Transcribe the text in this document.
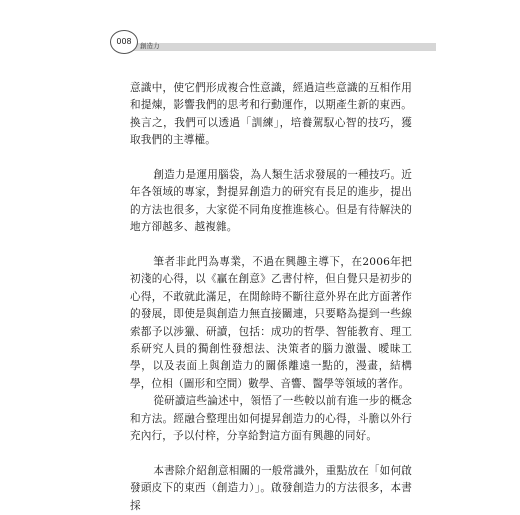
008	創造力

意識中，使它們形成複合性意識，經過這些意識的互相作用和提煉，影響我們的思考和行動運作，以期產生新的東西。換言之，我們可以透過「訓練」，培養駕馭心智的技巧，獲取我們的主導權。

創造力是運用腦袋，為人類生活求發展的一種技巧。近年各領域的專家，對提昇創造力的研究有長足的進步，提出的方法也很多，大家從不同角度推進核心。但是有待解決的地方卻越多、越複雜。

筆者非此門為專業，不過在興趣主導下，在2006年把初淺的心得，以《贏在創意》乙書付梓，但自覺只是初步的心得，不敢就此滿足，在閒餘時不斷往意外界在此方面著作的發展，即使是與創造力無直接關連，只要略為提到一些線索都予以涉獵、研讀，包括：成功的哲學、智能教育、理工系研究人員的獨創性發想法、決策者的腦力激盪、曖昧工學，以及表面上與創造力的關係離遠一點的，漫畫，結構學，位相（圖形和空間）數學、音響、醫學等領域的著作。

從研讀這些論述中，領悟了一些較以前有進一步的概念和方法。經融合整理出如何提昇創造力的心得，斗膽以外行充內行，予以付梓，分享給對這方面有興趣的同好。

本書除介紹創意相關的一般常識外，重點放在「如何啟發頭皮下的東西（創造力）」。啟發創造力的方法很多，本書採
